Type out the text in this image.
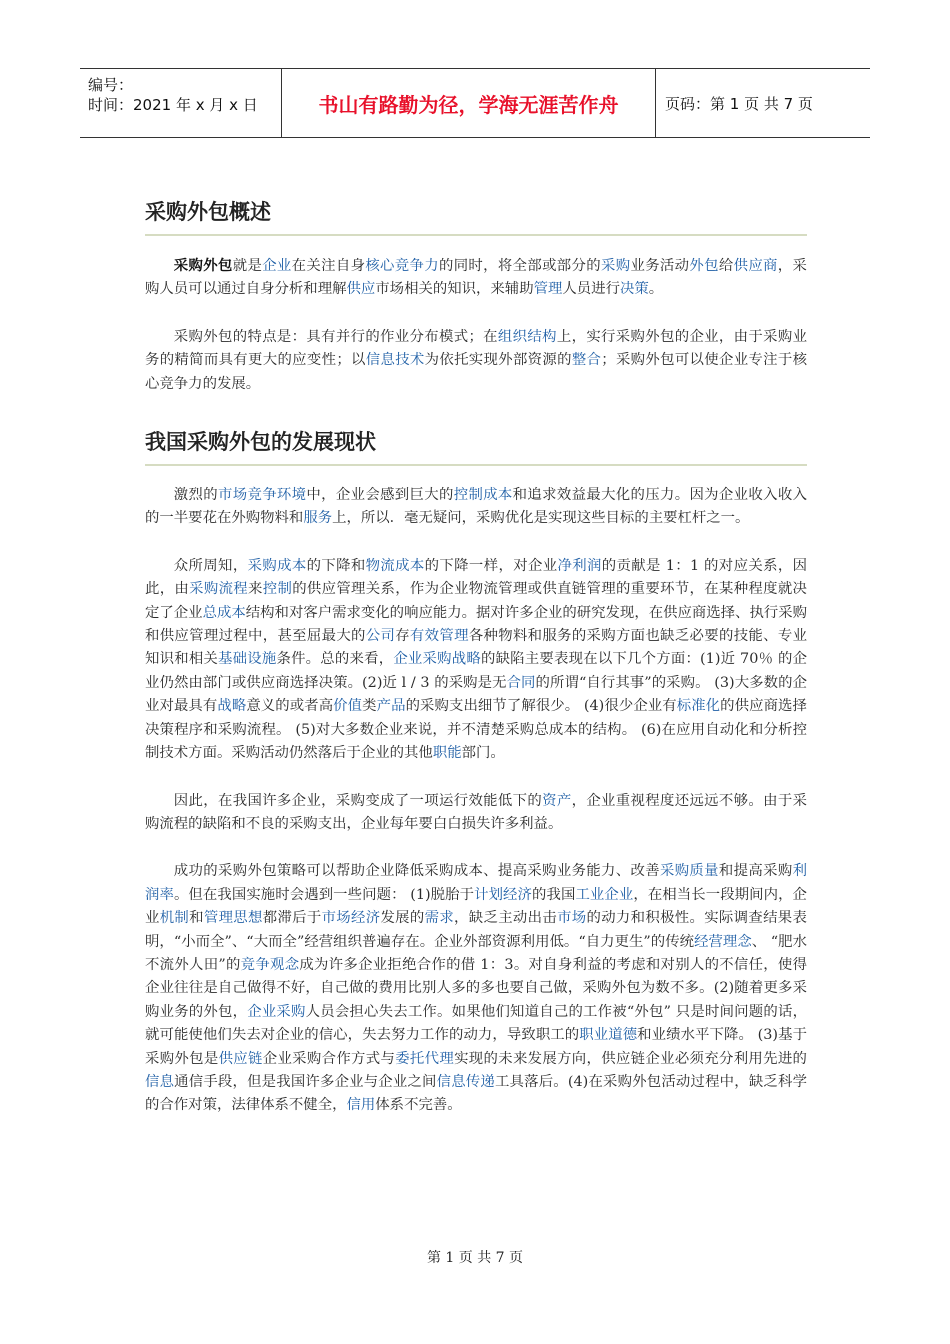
编号：
时间：2021 年 x 月 x 日	书山有路勤为径，学海无涯苦作舟	页码：第 1 页 共 7 页
采购外包概述

采购外包就是企业在关注自身核心竞争力的同时，将全部或部分的采购业务活动外包给供应商，采购人员可以通过自身分析和理解供应市场相关的知识，来辅助管理人员进行决策。

采购外包的特点是：具有并行的作业分布模式；在组织结构上，实行采购外包的企业，由于采购业务的精简而具有更大的应变性；以信息技术为依托实现外部资源的整合；采购外包可以使企业专注于核心竞争力的发展。

我国采购外包的发展现状

激烈的市场竞争环境中，企业会感到巨大的控制成本和追求效益最大化的压力。因为企业收入收入的一半要花在外购物料和服务上，所以．毫无疑问，采购优化是实现这些目标的主要杠杆之一。

众所周知，采购成本的下降和物流成本的下降一样，对企业净利润的贡献是 1：1 的对应关系，因此，由采购流程来控制的供应管理关系，作为企业物流管理或供直链管理的重要环节，在某种程度就决定了企业总成本结构和对客户需求变化的响应能力。据对许多企业的研究发现，在供应商选择、执行采购和供应管理过程中，甚至屈最大的公司存有效管理各种物料和服务的采购方面也缺乏必要的技能、专业知识和相关基础设施条件。总的来看，企业采购战略的缺陷主要表现在以下几个方面：(1)近 70％ 的企业仍然由部门或供应商选择决策。(2)近 l / 3 的采购是无合同的所谓“自行其事”的采购。 (3)大多数的企业对最具有战略意义的或者高价值类产品的采购支出细节了解很少。 (4)很少企业有标准化的供应商选择决策程序和采购流程。 (5)对大多数企业来说，并不清楚采购总成本的结构。 (6)在应用自动化和分析控制技术方面。采购活动仍然落后于企业的其他职能部门。

因此，在我国许多企业，采购变成了一项运行效能低下的资产，企业重视程度还远远不够。由于采购流程的缺陷和不良的采购支出，企业每年要白白损失许多利益。

成功的采购外包策略可以帮助企业降低采购成本、提高采购业务能力、改善采购质量和提高采购利润率。但在我国实施时会遇到一些问题： (1)脱胎于计划经济的我国工业企业，在相当长一段期间内，企业机制和管理思想都滞后于市场经济发展的需求，缺乏主动出击市场的动力和积极性。实际调查结果表明，“小而全”、“大而全”经营组织普遍存在。企业外部资源利用低。“自力更生”的传统经营理念、 “肥水不流外人田”的竞争观念成为许多企业拒绝合作的借 1：3。对自身利益的考虑和对别人的不信任，使得企业往往是自己做得不好，自己做的费用比别人多的多也要自己做，采购外包为数不多。(2)随着更多采购业务的外包，企业采购人员会担心失去工作。如果他们知道自己的工作被“外包” 只是时间问题的话，就可能使他们失去对企业的信心，失去努力工作的动力，导致职工的职业道德和业绩水平下降。 (3)基于采购外包是供应链企业采购合作方式与委托代理实现的未来发展方向，供应链企业必须充分利用先进的信息通信手段，但是我国许多企业与企业之间信息传递工具落后。(4)在采购外包活动过程中，缺乏科学的合作对策，法律体系不健全，信用体系不完善。

第 1 页 共 7 页
